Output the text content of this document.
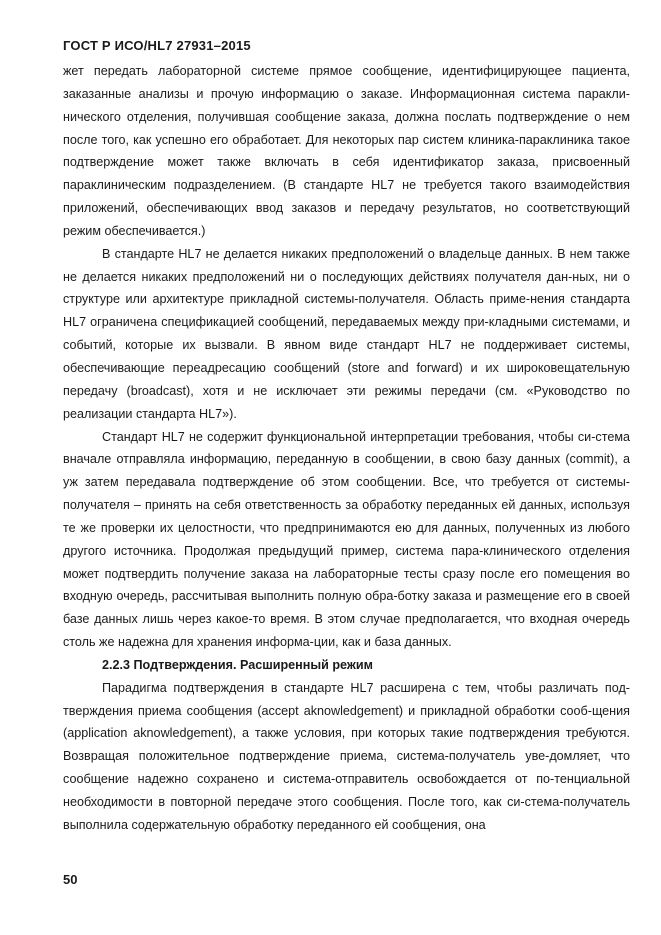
ГОСТ Р ИСО/HL7 27931–2015

жет передать лабораторной системе прямое сообщение, идентифицирующее пациента, заказанные анализы и прочую информацию о заказе. Информационная система паракли-нического отделения, получившая сообщение заказа, должна послать подтверждение о нем после того, как успешно его обработает. Для некоторых пар систем клиника-параклиника такое подтверждение может также включать в себя идентификатор заказа, присвоенный параклиническим подразделением. (В стандарте HL7 не требуется такого взаимодействия приложений, обеспечивающих ввод заказов и передачу результатов, но соответствующий режим обеспечивается.)

В стандарте HL7 не делается никаких предположений о владельце данных. В нем также не делается никаких предположений ни о последующих действиях получателя дан-ных, ни о структуре или архитектуре прикладной системы-получателя. Область приме-нения стандарта HL7 ограничена спецификацией сообщений, передаваемых между при-кладными системами, и событий, которые их вызвали. В явном виде стандарт HL7 не поддерживает системы, обеспечивающие переадресацию сообщений (store and forward) и их широковещательную передачу (broadcast), хотя и не исключает эти режимы передачи (см. «Руководство по реализации стандарта HL7»).

Стандарт HL7 не содержит функциональной интерпретации требования, чтобы си-стема вначале отправляла информацию, переданную в сообщении, в свою базу данных (commit), а уж затем передавала подтверждение об этом сообщении. Все, что требуется от системы-получателя – принять на себя ответственность за обработку переданных ей данных, используя те же проверки их целостности, что предпринимаются ею для данных, полученных из любого другого источника. Продолжая предыдущий пример, система пара-клинического отделения может подтвердить получение заказа на лабораторные тесты сразу после его помещения во входную очередь, рассчитывая выполнить полную обра-ботку заказа и размещение его в своей базе данных лишь через какое-то время. В этом случае предполагается, что входная очередь столь же надежна для хранения информа-ции, как и база данных.

2.2.3 Подтверждения. Расширенный режим

Парадигма подтверждения в стандарте HL7 расширена с тем, чтобы различать под-тверждения приема сообщения (accept aknowledgement) и прикладной обработки сооб-щения (application aknowledgement), а также условия, при которых такие подтверждения требуются. Возвращая положительное подтверждение приема, система-получатель уве-домляет, что сообщение надежно сохранено и система-отправитель освобождается от по-тенциальной необходимости в повторной передаче этого сообщения. После того, как си-стема-получатель выполнила содержательную обработку переданного ей сообщения, она

50
